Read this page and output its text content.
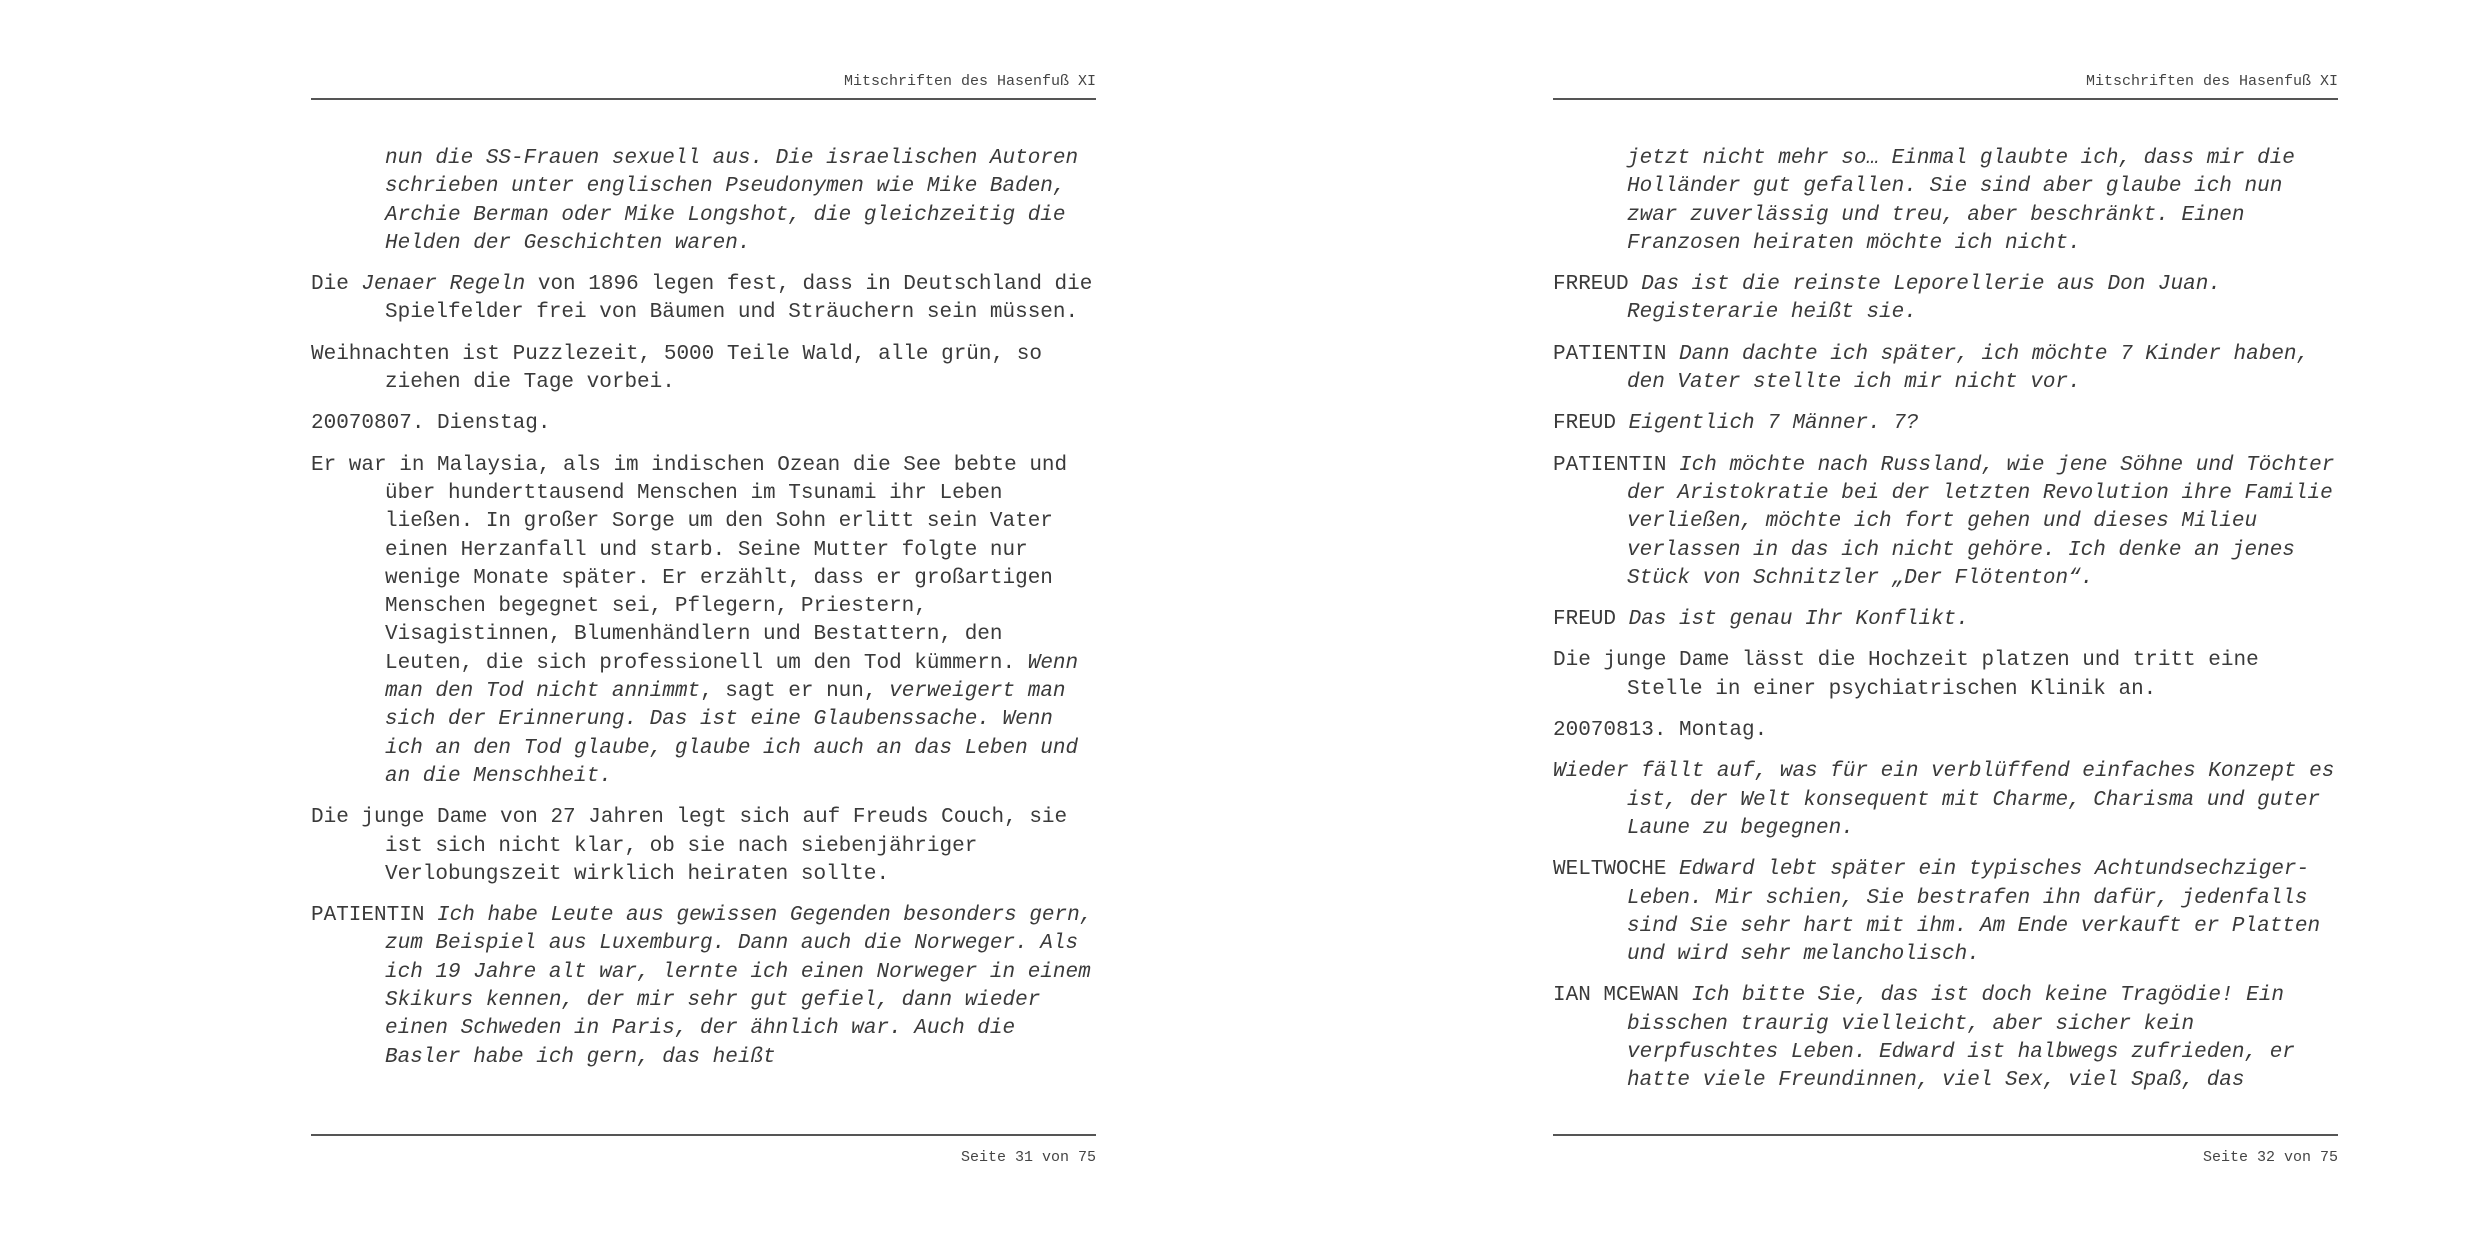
Mitschriften des Hasenfuß XI

nun die SS-Frauen sexuell aus. Die israelischen Autoren schrieben unter englischen Pseudonymen wie Mike Baden, Archie Berman oder Mike Longshot, die gleichzeitig die Helden der Geschichten waren.

Die Jenaer Regeln von 1896 legen fest, dass in Deutschland die Spielfelder frei von Bäumen und Sträuchern sein müssen.

Weihnachten ist Puzzlezeit, 5000 Teile Wald, alle grün, so ziehen die Tage vorbei.

20070807. Dienstag.

Er war in Malaysia, als im indischen Ozean die See bebte und über hunderttausend Menschen im Tsunami ihr Leben ließen. In großer Sorge um den Sohn erlitt sein Vater einen Herzanfall und starb. Seine Mutter folgte nur wenige Monate später. Er erzählt, dass er großartigen Menschen begegnet sei, Pflegern, Priestern, Visagistinnen, Blumenhändlern und Bestattern, den Leuten, die sich professionell um den Tod kümmern. Wenn man den Tod nicht annimmt, sagt er nun, verweigert man sich der Erinnerung. Das ist eine Glaubenssache. Wenn ich an den Tod glaube, glaube ich auch an das Leben und an die Menschheit.

Die junge Dame von 27 Jahren legt sich auf Freuds Couch, sie ist sich nicht klar, ob sie nach siebenjähriger Verlobungszeit wirklich heiraten sollte.

PATIENTIN Ich habe Leute aus gewissen Gegenden besonders gern, zum Beispiel aus Luxemburg. Dann auch die Norweger. Als ich 19 Jahre alt war, lernte ich einen Norweger in einem Skikurs kennen, der mir sehr gut gefiel, dann wieder einen Schweden in Paris, der ähnlich war. Auch die Basler habe ich gern, das heißt

Seite 31 von 75
Mitschriften des Hasenfuß XI

jetzt nicht mehr so… Einmal glaubte ich, dass mir die Holländer gut gefallen. Sie sind aber glaube ich nun zwar zuverlässig und treu, aber beschränkt. Einen Franzosen heiraten möchte ich nicht.

FRREUD Das ist die reinste Leporellerie aus Don Juan. Registerarie heißt sie.

PATIENTIN Dann dachte ich später, ich möchte 7 Kinder haben, den Vater stellte ich mir nicht vor.

FREUD Eigentlich 7 Männer. 7?

PATIENTIN Ich möchte nach Russland, wie jene Söhne und Töchter der Aristokratie bei der letzten Revolution ihre Familie verließen, möchte ich fort gehen und dieses Milieu verlassen in das ich nicht gehöre. Ich denke an jenes Stück von Schnitzler „Der Flötenton“.

FREUD Das ist genau Ihr Konflikt.

Die junge Dame lässt die Hochzeit platzen und tritt eine Stelle in einer psychiatrischen Klinik an.

20070813. Montag.

Wieder fällt auf, was für ein verblüffend einfaches Konzept es ist, der Welt konsequent mit Charme, Charisma und guter Laune zu begegnen.

WELTWOCHE Edward lebt später ein typisches Achtundsechziger-Leben. Mir schien, Sie bestrafen ihn dafür, jedenfalls sind Sie sehr hart mit ihm. Am Ende verkauft er Platten und wird sehr melancholisch.

IAN MCEWAN Ich bitte Sie, das ist doch keine Tragödie! Ein bisschen traurig vielleicht, aber sicher kein verpfuschtes Leben. Edward ist halbwegs zufrieden, er hatte viele Freundinnen, viel Sex, viel Spaß, das

Seite 32 von 75
